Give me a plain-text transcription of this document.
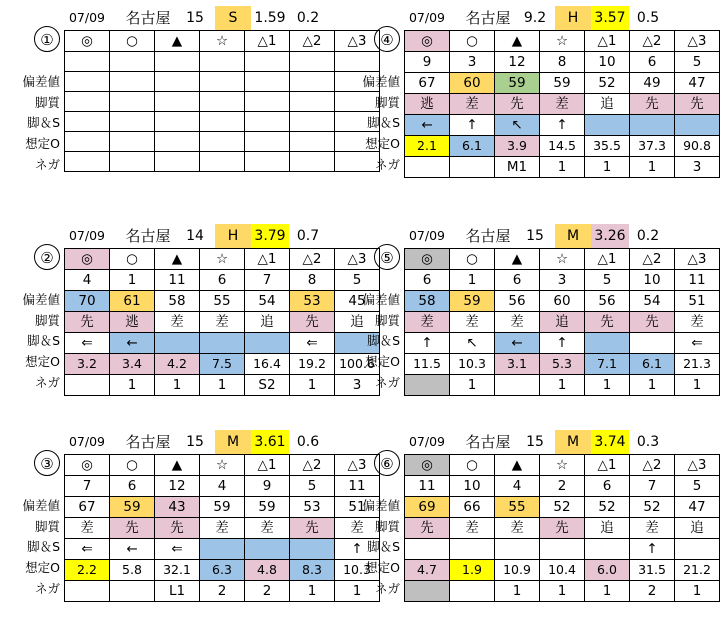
07/09	名古屋	15	S	1.59 0.2
①
偏差値
脚質
脚＆S
想定O
ネガ
◎	○	▲	☆	△1	△2	△3

07/09	名古屋 9.2	H	3.57 0.5
④
偏差値
脚質
脚＆S
想定O
ネガ
◎	○	▲	☆	△1	△2	△3
9	3	12	8	10	6	5
67	60	59	59	52	49	47
逃	差	先	差	追	先	先
←	↑	↖	↑			
2.1	6.1	3.9	14.5	35.5	37.3	90.8
		M1	1	1	1	3
07/09	名古屋	14	H	3.79 0.7
②
偏差値
脚質
脚＆S
想定O
ネガ
◎	○	▲	☆	△1	△2	△3
4	1	11	6	7	8	5
70	61	58	55	54	53	45
先	逃	差	差	追	先	追
⇐	←				⇐	
3.2	3.4	4.2	7.5	16.4	19.2	100.6
	1	1	1	S2	1	3
07/09	名古屋	15	M	3.26 0.2
⑤
偏差値
脚質
脚＆S
想定O
ネガ
◎	○	▲	☆	△1	△2	△3
6	1	6	3	5	10	11
58	59	56	60	56	54	51
差	差	差	追	先	先	差
↑	↖	←	↑			⇐
11.5	10.3	3.1	5.3	7.1	6.1	21.3
	1		1	1	1	1
07/09	名古屋	15	M	3.61 0.6
③
偏差値
脚質
脚＆S
想定O
ネガ
◎	○	▲	☆	△1	△2	△3
7	6	12	4	9	5	11
67	59	43	59	59	53	51
差	先	先	差	差	先	差
⇐	←	⇐				↑
2.2	5.8	32.1	6.3	4.8	8.3	10.3
		L1	2	2	1	1
07/09	名古屋	15	M	3.74 0.3
⑥
偏差値
脚質
脚＆S
想定O
ネガ
◎	○	▲	☆	△1	△2	△3
11	10	4	2	6	7	5
69	66	55	52	52	52	47
先	差	差	先	追	差	追
					↑	
4.7	1.9	10.9	10.4	6.0	31.5	21.2
		1	1	1	2	1
